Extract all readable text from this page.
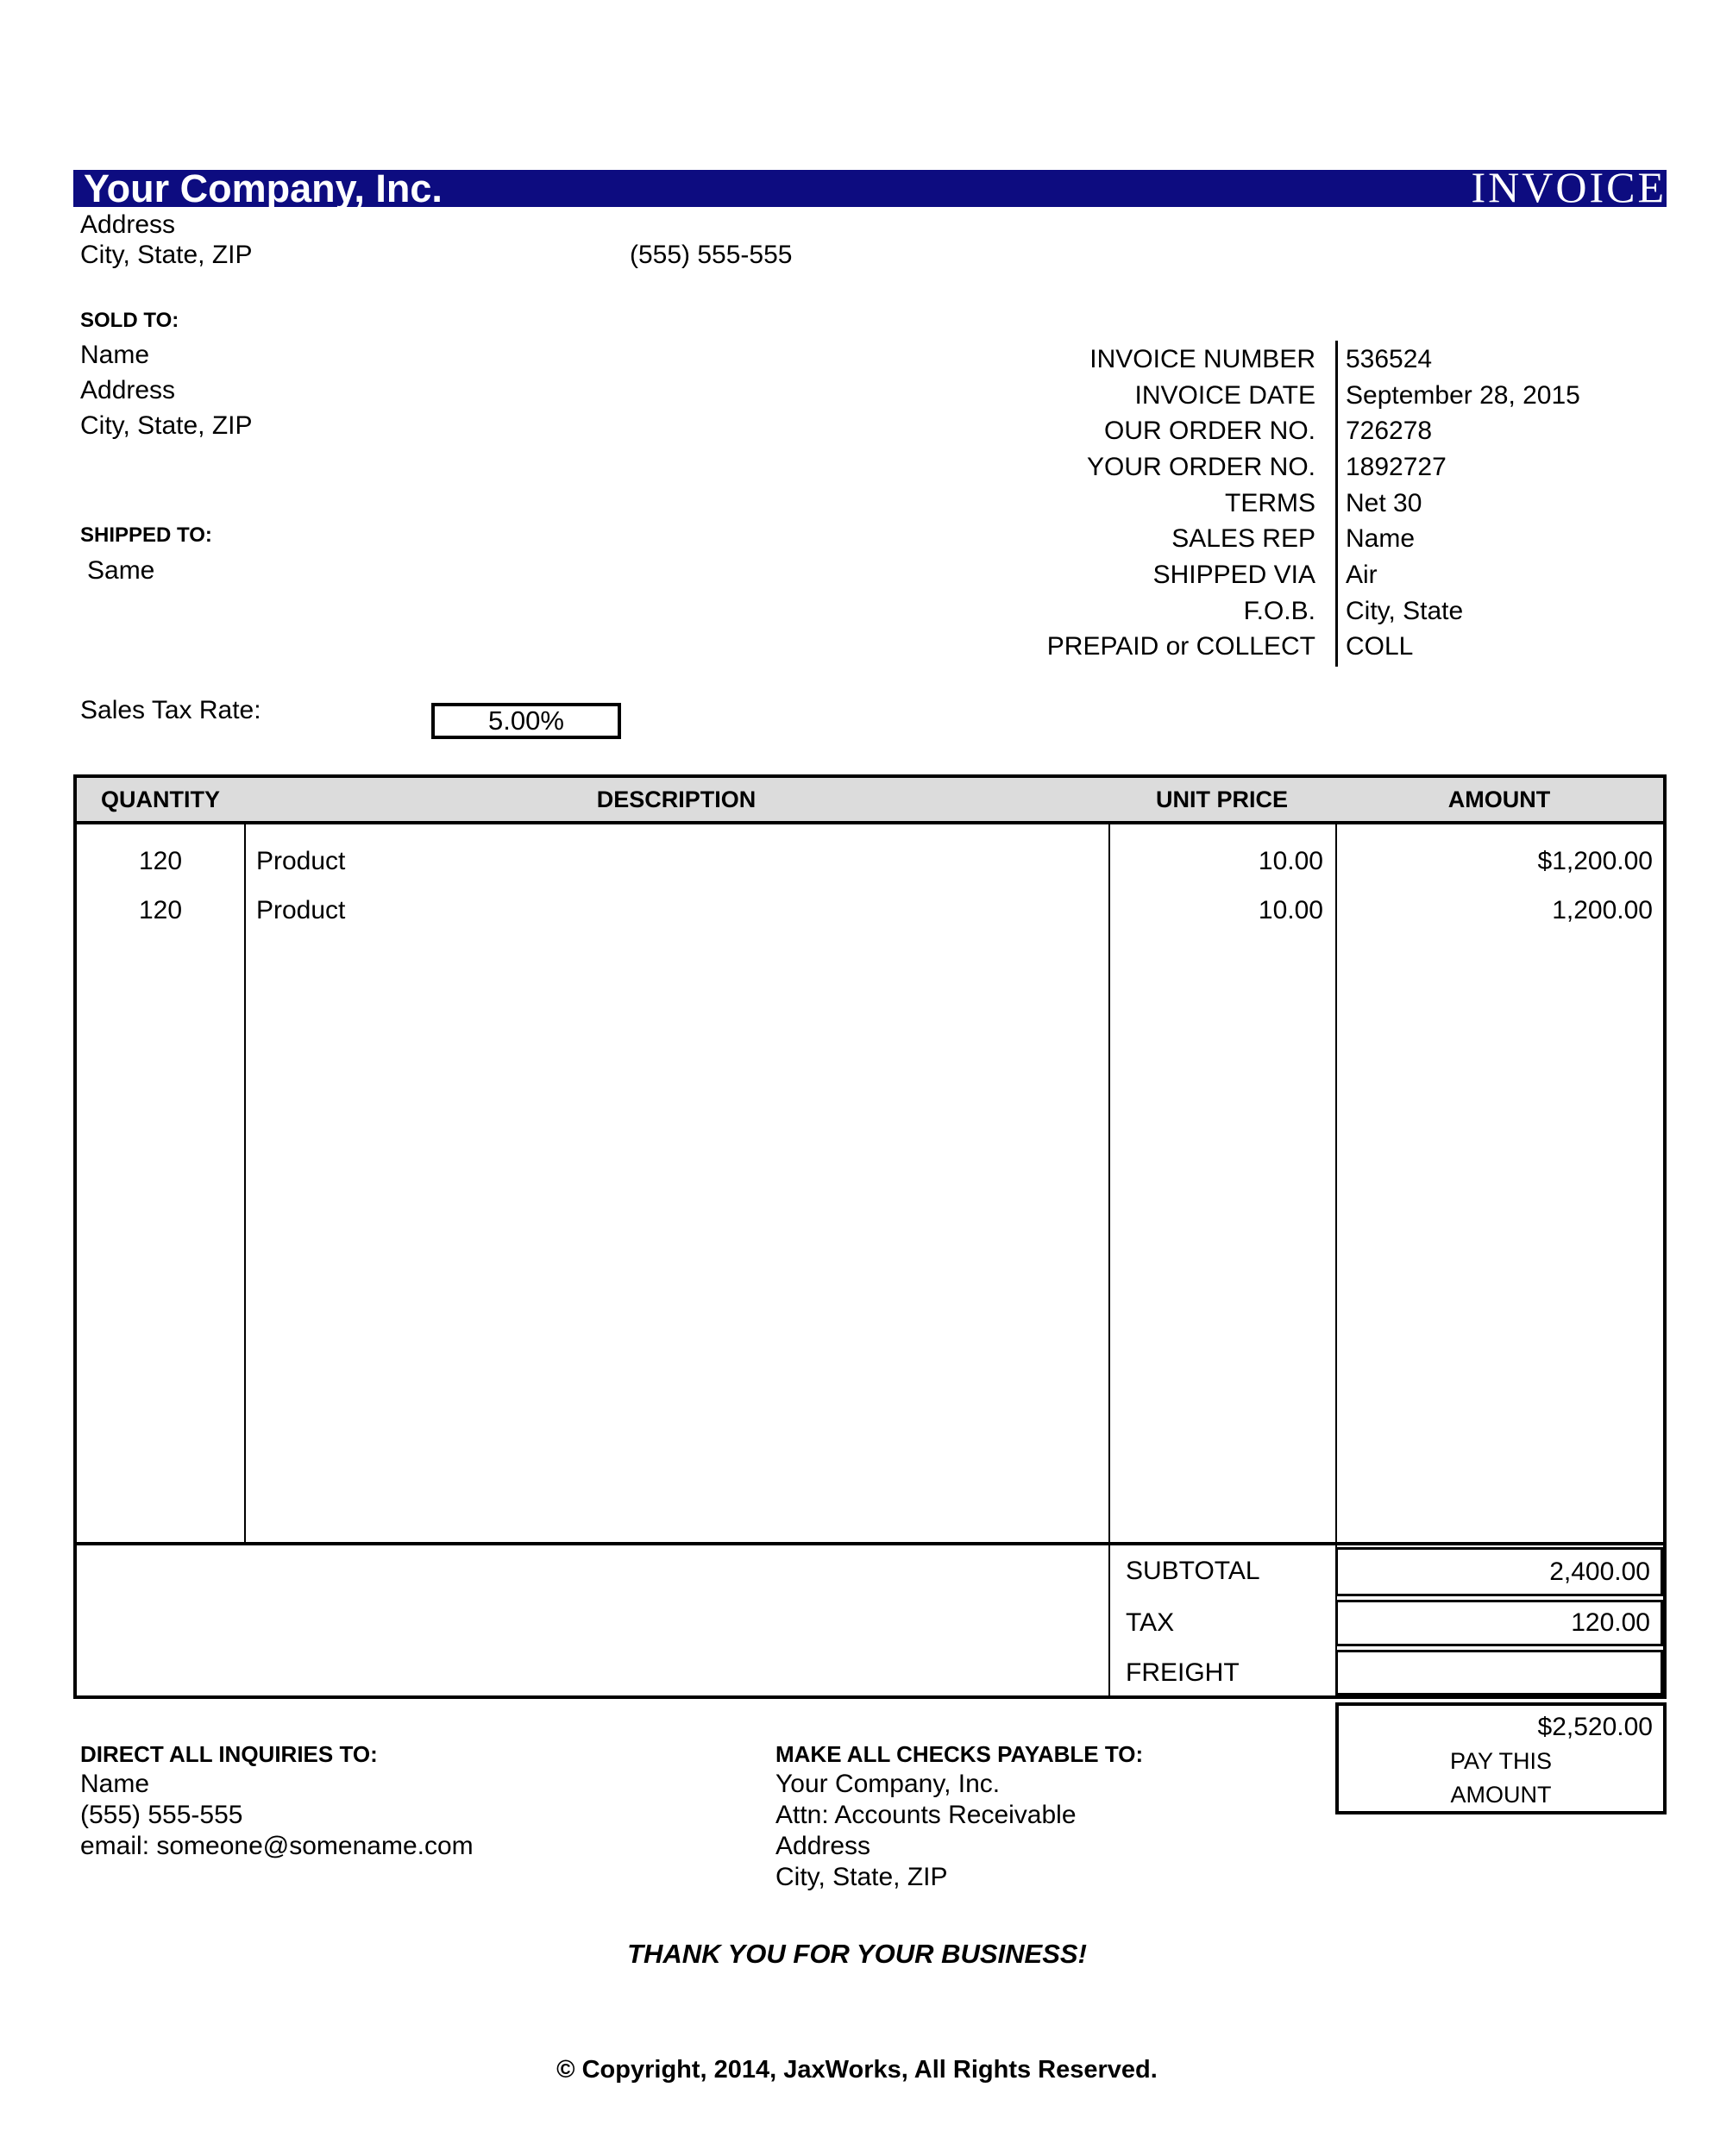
Your Company, Inc.	INVOICE
Address
City, State, ZIP	(555) 555-555
SOLD TO:
Name
Address
City, State, ZIP
SHIPPED TO:
Same
INVOICE NUMBER 536524
INVOICE DATE September 28, 2015
OUR ORDER NO. 726278
YOUR ORDER NO. 1892727
TERMS Net 30
SALES REP Name
SHIPPED VIA Air
F.O.B. City, State
PREPAID or COLLECT COLL
Sales Tax Rate:	5.00%
QUANTITY	DESCRIPTION	UNIT PRICE	AMOUNT
120	Product	10.00	$1,200.00
120	Product	10.00	1,200.00
SUBTOTAL	2,400.00
TAX	120.00
FREIGHT
$2,520.00
PAY THIS
AMOUNT
DIRECT ALL INQUIRIES TO:
Name
(555) 555-555
email: someone@somename.com
MAKE ALL CHECKS PAYABLE TO:
Your Company, Inc.
Attn: Accounts Receivable
Address
City, State, ZIP
THANK YOU FOR YOUR BUSINESS!
© Copyright, 2014, JaxWorks, All Rights Reserved.
